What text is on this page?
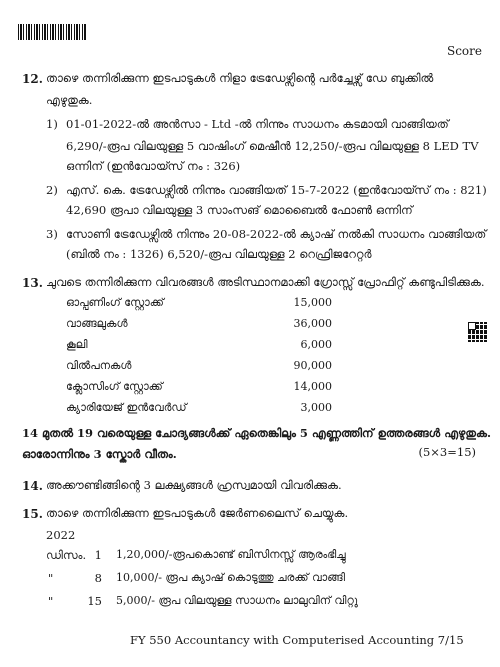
Score
12. താഴെ തന്നിരിക്കുന്ന ഇടപാടുകൾ നിളാ ട്രേഡേഴ്സിന്റെ പർച്ചേഴ്സ് ഡേ ബുക്കിൽ
എഴുതുക.
1) 01-01-2022-ൽ അൻസാ - Ltd -ൽ നിന്നും സാധനം കടമായി വാങ്ങിയത്
6,290/-രൂപ വിലയുള്ള 5 വാഷിംഗ് മെഷീൻ 12,250/-രൂപ വിലയുള്ള 8 LED TV
ഒന്നിന് (ഇൻവോയ്സ് നം : 326)
2) എസ്. കെ. ട്രേഡേഴ്സിൽ നിന്നും വാങ്ങിയത് 15-7-2022 (ഇൻവോയ്സ് നം : 821)
42,690 രൂപാ വിലയുള്ള 3 സാംസങ് മൊബൈൽ ഫോൺ ഒന്നിന്
3) സോണി ട്രേഡേഴ്സിൽ നിന്നും 20-08-2022-ൽ ക്യാഷ് നൽകി സാധനം വാങ്ങിയത്
(ബിൽ നം : 1326) 6,520/-രൂപ വിലയുള്ള 2 റെഫ്രിജറേറ്റർ
13. ചുവടെ തന്നിരിക്കുന്ന വിവരങ്ങൾ അടിസ്ഥാനമാക്കി ഗ്രോസ്സ് പ്രോഫിറ്റ് കണ്ടുപിടിക്കുക.
ഓപ്പണിംഗ് സ്റ്റോക്ക്	15,000
വാങ്ങലുകൾ	36,000
കൂലി	6,000
വിൽപനകൾ	90,000
ക്ലോസിംഗ് സ്റ്റോക്ക്	14,000
ക്യാരിയേജ് ഇൻവേർഡ്	3,000
14 മുതൽ 19 വരെയുള്ള ചോദ്യങ്ങൾക്ക് ഏതെങ്കിലും 5 എണ്ണത്തിന് ഉത്തരങ്ങൾ എഴുതുക.
ഓരോന്നിനും 3 സ്കോർ വീതം.	(5×3=15)
14. അക്കൗണ്ടിങ്ങിന്റെ 3 ലക്ഷ്യങ്ങൾ ഹ്രസ്വമായി വിവരിക്കുക.
15. താഴെ തന്നിരിക്കുന്ന ഇടപാടുകൾ ജേർണലൈസ് ചെയ്യുക.
2022
ഡിസം. 1 1,20,000/-രൂപകൊണ്ട് ബിസിനസ്സ് ആരംഭിച്ചു
"	8 10,000/- രൂപ ക്യാഷ് കൊടുത്തു ചരക്ക് വാങ്ങി
"	15 5,000/- രൂപ വിലയുള്ള സാധനം ലാലുവിന് വിറ്റു
FY 550 Accountancy with Computerised Accounting 7/15
